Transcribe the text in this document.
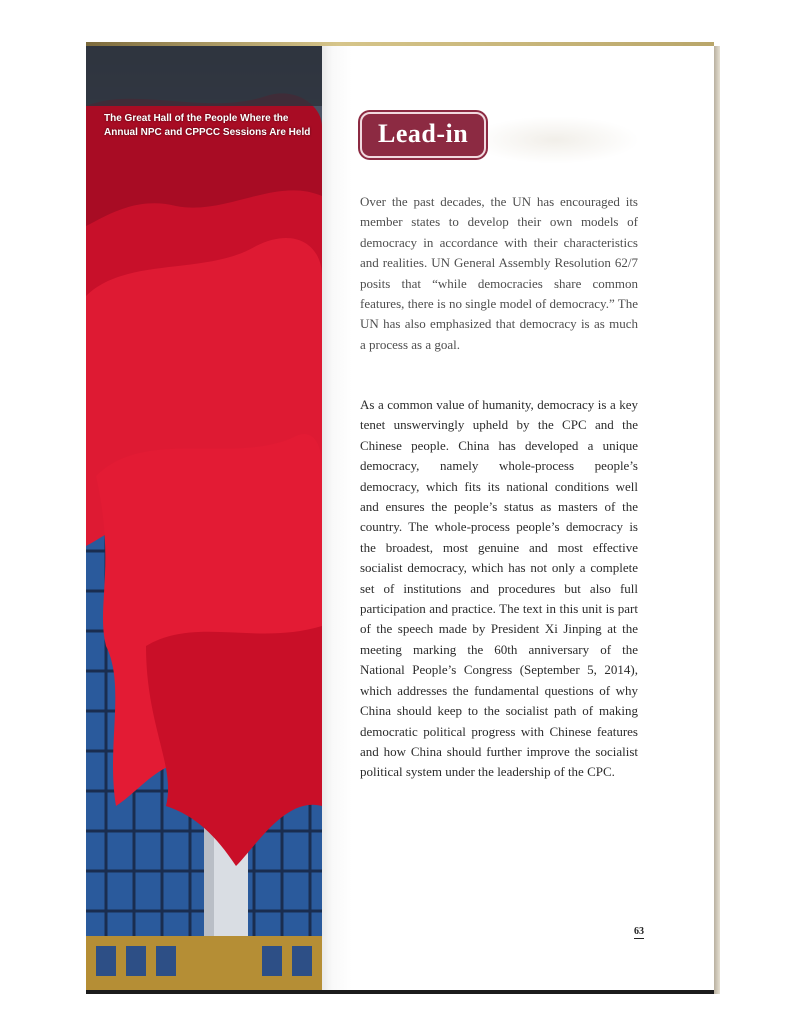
The Great Hall of the People Where the Annual NPC and CPPCC Sessions Are Held	Lead-in

Over the past decades, the UN has encouraged its member states to develop their own models of democracy in accordance with their characteristics and realities. UN General Assembly Resolution 62/7 posits that “while democracies share common features, there is no single model of democracy.” The UN has also emphasized that democracy is as much a process as a goal.

As a common value of humanity, democracy is a key tenet unswervingly upheld by the CPC and the Chinese people. China has developed a unique democracy, namely whole-process people’s democracy, which fits its national conditions well and ensures the people’s status as masters of the country. The whole-process people’s democracy is the broadest, most genuine and most effective socialist democracy, which has not only a complete set of institutions and procedures but also full participation and practice. The text in this unit is part of the speech made by President Xi Jinping at the meeting marking the 60th anniversary of the National People’s Congress (September 5, 2014), which addresses the fundamental questions of why China should keep to the socialist path of making democratic political progress with Chinese features and how China should further improve the socialist political system under the leadership of the CPC.

63
